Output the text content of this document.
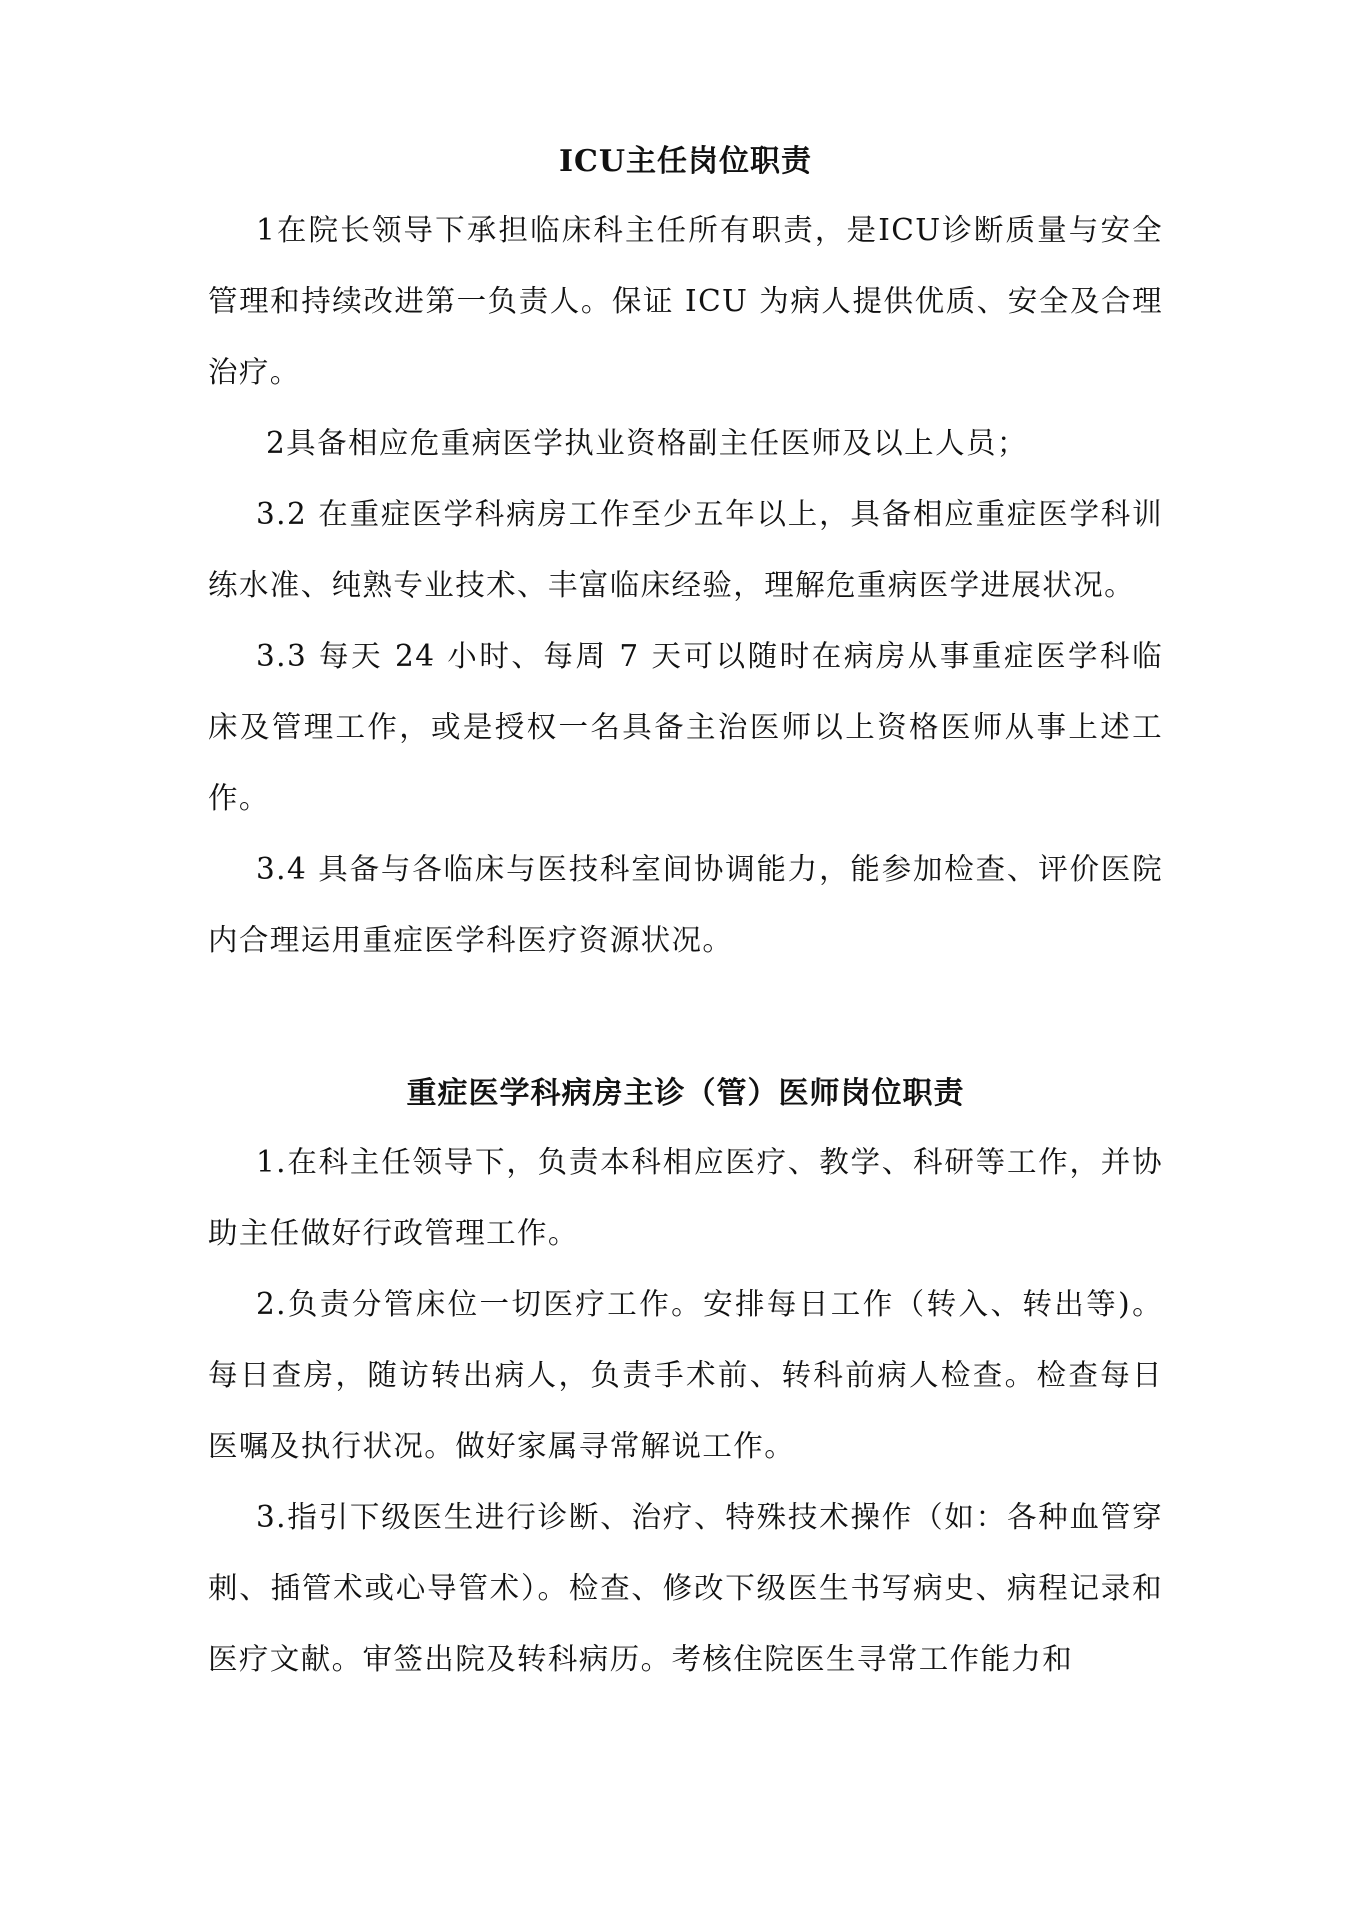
ICU主任岗位职责

1在院长领导下承担临床科主任所有职责，是ICU诊断质量与安全管理和持续改进第一负责人。保证 ICU 为病人提供优质、安全及合理治疗。

2具备相应危重病医学执业资格副主任医师及以上人员；

3.2 在重症医学科病房工作至少五年以上，具备相应重症医学科训练水准、纯熟专业技术、丰富临床经验，理解危重病医学进展状况。

3.3 每天 24 小时、每周 7 天可以随时在病房从事重症医学科临床及管理工作，或是授权一名具备主治医师以上资格医师从事上述工作。

3.4 具备与各临床与医技科室间协调能力，能参加检查、评价医院内合理运用重症医学科医疗资源状况。

重症医学科病房主诊（管）医师岗位职责

1.在科主任领导下，负责本科相应医疗、教学、科研等工作，并协助主任做好行政管理工作。

2.负责分管床位一切医疗工作。安排每日工作（转入、转出等)。每日查房，随访转出病人，负责手术前、转科前病人检查。检查每日医嘱及执行状况。做好家属寻常解说工作。

3.指引下级医生进行诊断、治疗、特殊技术操作（如：各种血管穿刺、插管术或心导管术）。检查、修改下级医生书写病史、病程记录和医疗文献。审签出院及转科病历。考核住院医生寻常工作能力和
